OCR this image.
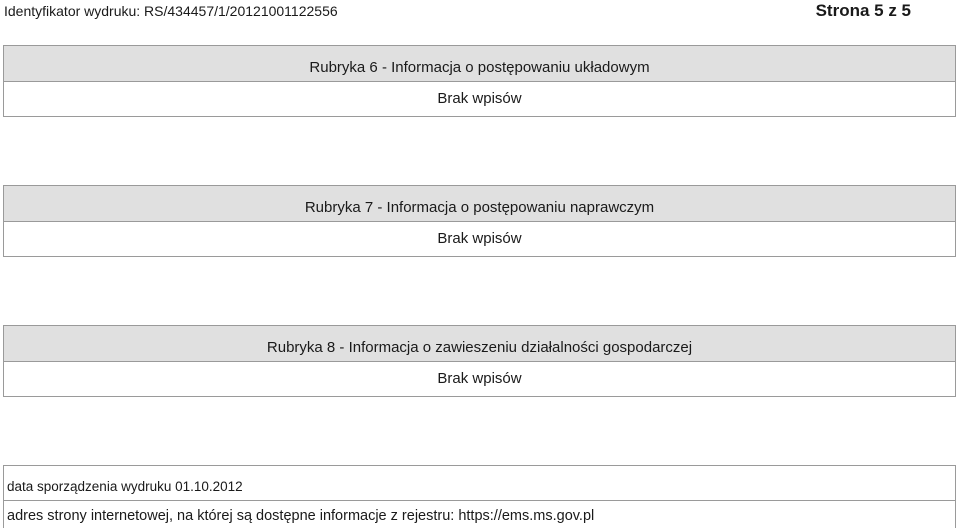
Identyfikator wydruku: RS/434457/1/20121001122556	Strona 5 z 5
Rubryka 6 - Informacja o postępowaniu układowym
Brak wpisów
Rubryka 7 - Informacja o postępowaniu naprawczym
Brak wpisów
Rubryka 8 - Informacja o zawieszeniu działalności gospodarczej
Brak wpisów
data sporządzenia wydruku 01.10.2012
adres strony internetowej, na której są dostępne informacje z rejestru: https://ems.ms.gov.pl
